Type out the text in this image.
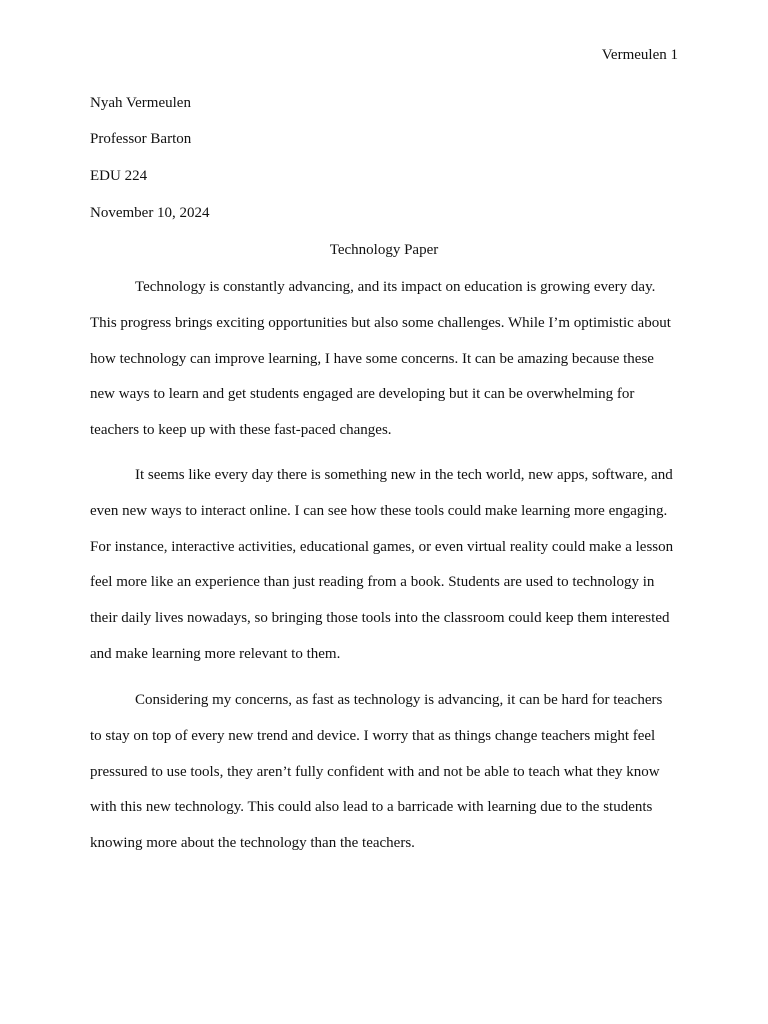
Vermeulen 1
Nyah Vermeulen
Professor Barton
EDU 224
November 10, 2024
Technology Paper

Technology is constantly advancing, and its impact on education is growing every day.
This progress brings exciting opportunities but also some challenges. While I’m optimistic about
how technology can improve learning, I have some concerns. It can be amazing because these
new ways to learn and get students engaged are developing but it can be overwhelming for
teachers to keep up with these fast-paced changes.

It seems like every day there is something new in the tech world, new apps, software, and
even new ways to interact online. I can see how these tools could make learning more engaging.
For instance, interactive activities, educational games, or even virtual reality could make a lesson
feel more like an experience than just reading from a book. Students are used to technology in
their daily lives nowadays, so bringing those tools into the classroom could keep them interested
and make learning more relevant to them.

Considering my concerns, as fast as technology is advancing, it can be hard for teachers
to stay on top of every new trend and device. I worry that as things change teachers might feel
pressured to use tools, they aren’t fully confident with and not be able to teach what they know
with this new technology. This could also lead to a barricade with learning due to the students
knowing more about the technology than the teachers.
